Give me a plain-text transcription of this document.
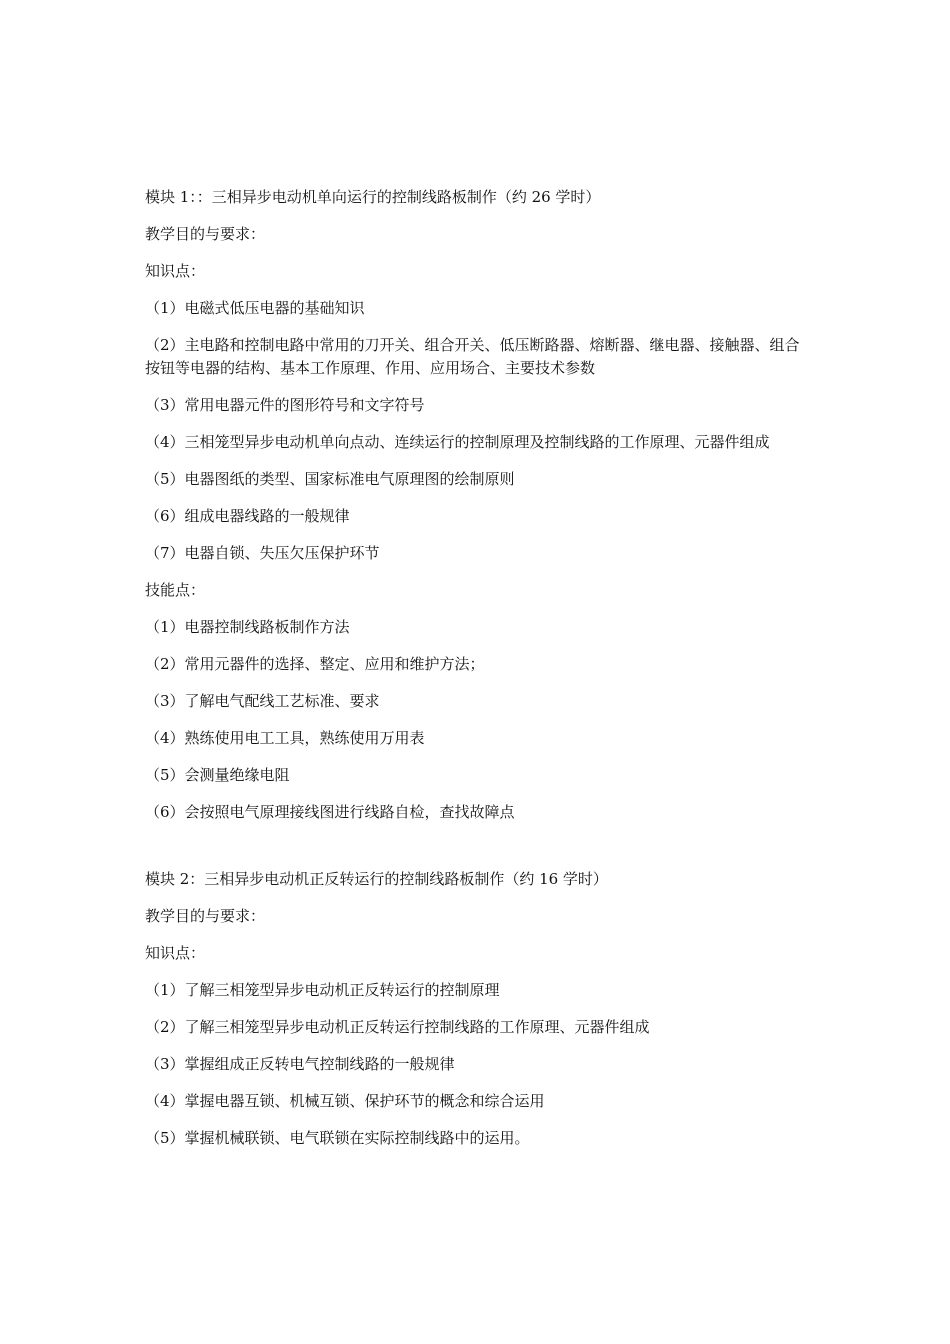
模块 1：：三相异步电动机单向运行的控制线路板制作（约 26 学时）

教学目的与要求：

知识点：

（1）电磁式低压电器的基础知识

（2）主电路和控制电路中常用的刀开关、组合开关、低压断路器、熔断器、继电器、接触器、组合按钮等电器的结构、基本工作原理、作用、应用场合、主要技术参数

（3）常用电器元件的图形符号和文字符号

（4）三相笼型异步电动机单向点动、连续运行的控制原理及控制线路的工作原理、元器件组成

（5）电器图纸的类型、国家标准电气原理图的绘制原则

（6）组成电器线路的一般规律

（7）电器自锁、失压欠压保护环节

技能点：

（1）电器控制线路板制作方法

（2）常用元器件的选择、整定、应用和维护方法；

（3）了解电气配线工艺标准、要求

（4）熟练使用电工工具，熟练使用万用表

（5）会测量绝缘电阻

（6）会按照电气原理接线图进行线路自检，查找故障点

模块 2：三相异步电动机正反转运行的控制线路板制作（约 16 学时）

教学目的与要求：

知识点：

（1）了解三相笼型异步电动机正反转运行的控制原理

（2）了解三相笼型异步电动机正反转运行控制线路的工作原理、元器件组成

（3）掌握组成正反转电气控制线路的一般规律

（4）掌握电器互锁、机械互锁、保护环节的概念和综合运用

（5）掌握机械联锁、电气联锁在实际控制线路中的运用。
